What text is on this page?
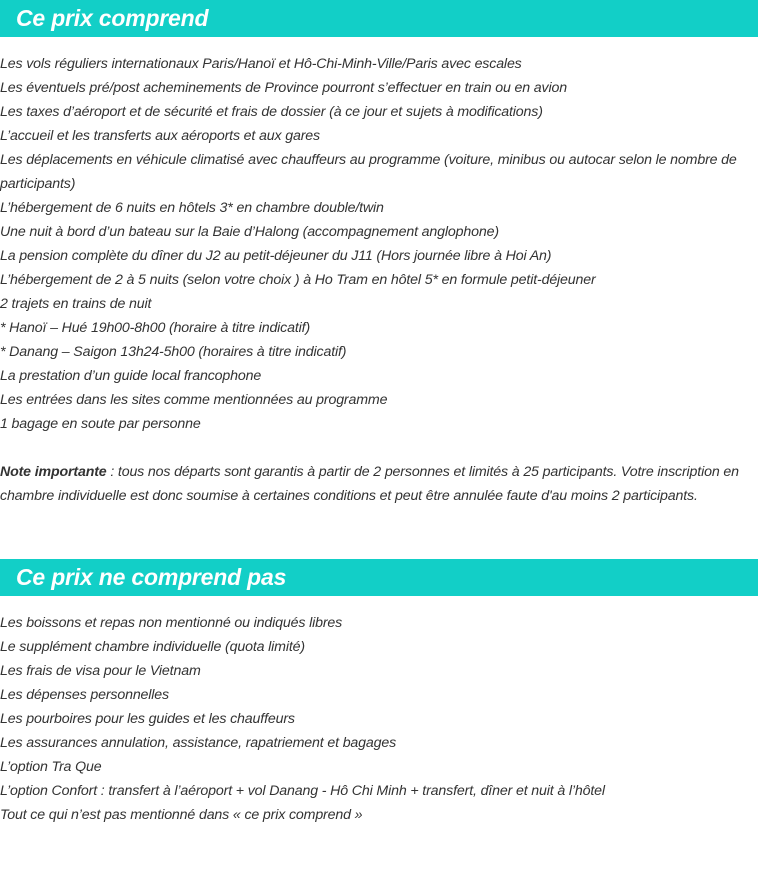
Ce prix comprend
Les vols réguliers internationaux Paris/Hanoï et Hô-Chi-Minh-Ville/Paris avec escales
Les éventuels pré/post acheminements de Province pourront s’effectuer en train ou en avion
Les taxes d’aéroport et de sécurité et frais de dossier (à ce jour et sujets à modifications)
L’accueil et les transferts aux aéroports et aux gares
Les déplacements en véhicule climatisé avec chauffeurs au programme (voiture, minibus ou autocar selon le nombre de participants)
L’hébergement de 6 nuits en hôtels 3* en chambre double/twin
Une nuit à bord d’un bateau sur la Baie d’Halong (accompagnement anglophone)
La pension complète du dîner du J2 au petit-déjeuner du J11 (Hors journée libre à Hoi An)
L’hébergement de 2 à 5 nuits (selon votre choix ) à Ho Tram en hôtel 5* en formule petit-déjeuner
2 trajets en trains de nuit
* Hanoï – Hué 19h00-8h00 (horaire à titre indicatif)
* Danang – Saigon 13h24-5h00 (horaires à titre indicatif)
La prestation d’un guide local francophone
Les entrées dans les sites comme mentionnées au programme
1 bagage en soute par personne

Note importante : tous nos départs sont garantis à partir de 2 personnes et limités à 25 participants. Votre inscription en chambre individuelle est donc soumise à certaines conditions et peut être annulée faute d'au moins 2 participants.

Ce prix ne comprend pas
Les boissons et repas non mentionné ou indiqués libres
Le supplément chambre individuelle (quota limité)
Les frais de visa pour le Vietnam
Les dépenses personnelles
Les pourboires pour les guides et les chauffeurs
Les assurances annulation, assistance, rapatriement et bagages
L’option Tra Que
L’option Confort : transfert à l’aéroport + vol Danang - Hô Chi Minh + transfert, dîner et nuit à l’hôtel
Tout ce qui n’est pas mentionné dans « ce prix comprend »
